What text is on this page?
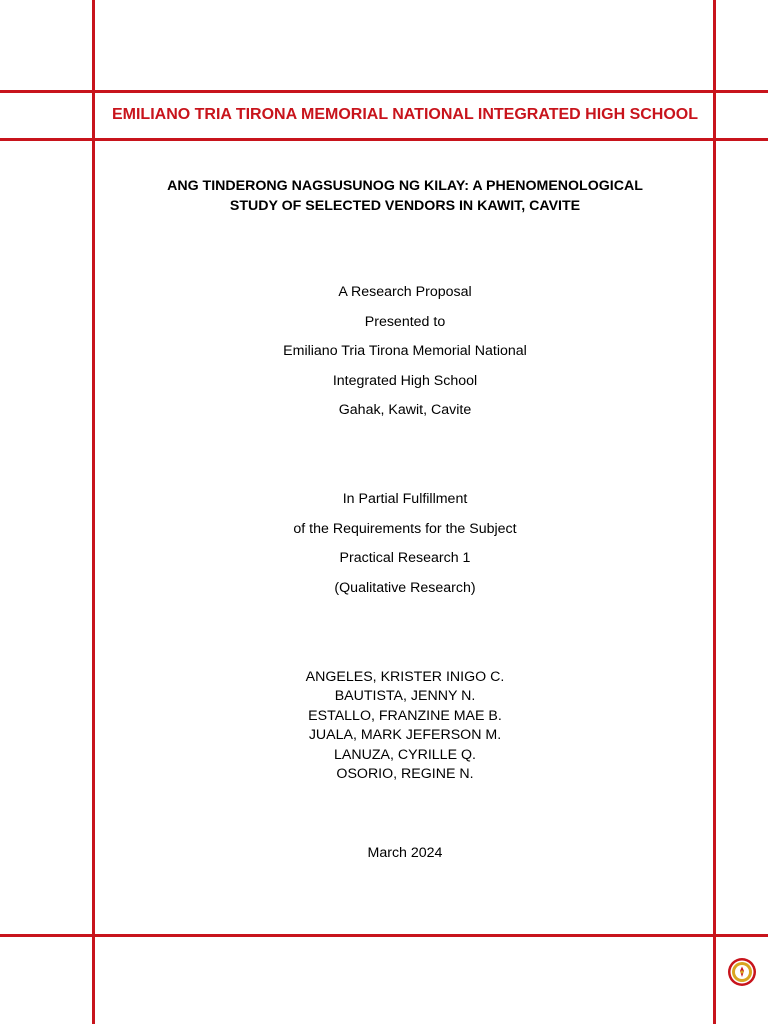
EMILIANO TRIA TIRONA MEMORIAL NATIONAL INTEGRATED HIGH SCHOOL
ANG TINDERONG NAGSUSUNOG NG KILAY: A PHENOMENOLOGICAL
STUDY OF SELECTED VENDORS IN KAWIT, CAVITE
A Research Proposal
Presented to
Emiliano Tria Tirona Memorial National
Integrated High School
Gahak, Kawit, Cavite
In Partial Fulfillment
of the Requirements for the Subject
Practical Research 1
(Qualitative Research)
ANGELES, KRISTER INIGO C.
BAUTISTA, JENNY N.
ESTALLO, FRANZINE MAE B.
JUALA, MARK JEFERSON M.
LANUZA, CYRILLE Q.
OSORIO, REGINE N.
March 2024
